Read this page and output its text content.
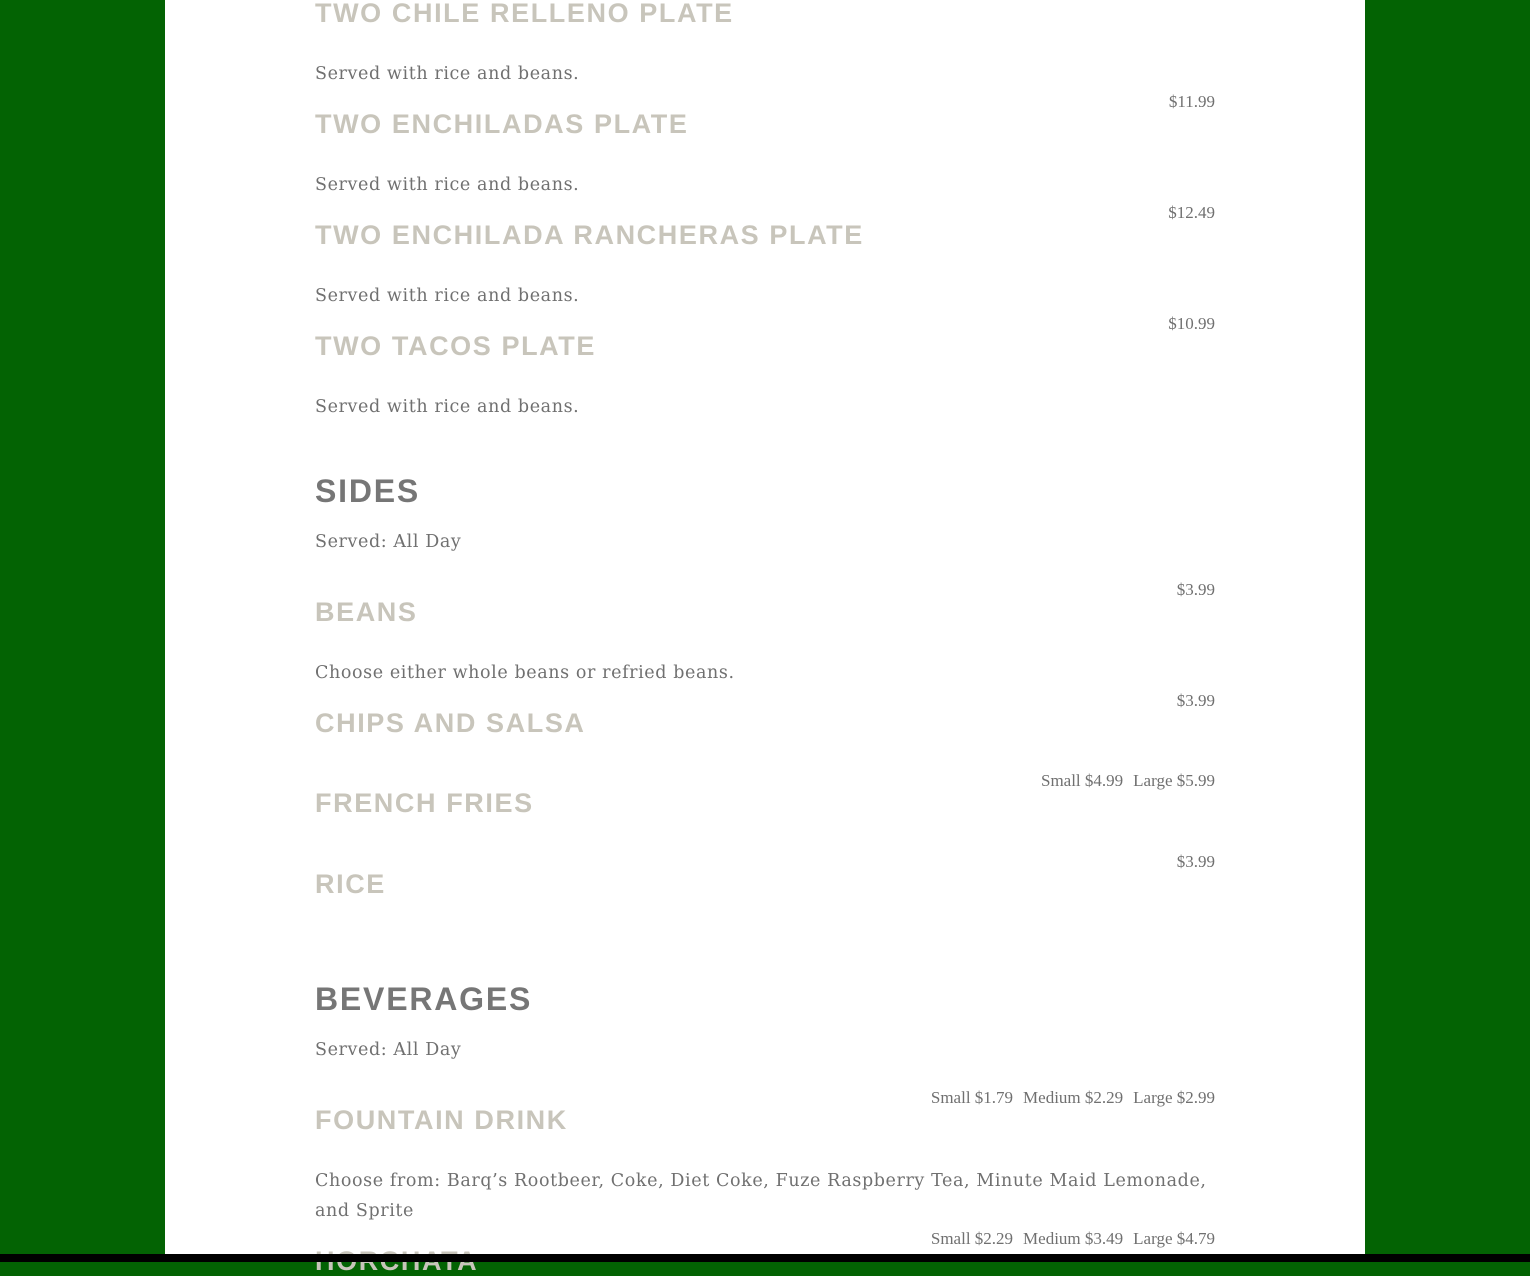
TWO CHILE RELLENO PLATE
Served with rice and beans.
$11.99
TWO ENCHILADAS PLATE
Served with rice and beans.
$12.49
TWO ENCHILADA RANCHERAS PLATE
Served with rice and beans.
$10.99
TWO TACOS PLATE
Served with rice and beans.
SIDES
Served: All Day
$3.99
BEANS
Choose either whole beans or refried beans.
$3.99
CHIPS AND SALSA
Small $4.99 Large $5.99
FRENCH FRIES
$3.99
RICE
BEVERAGES
Served: All Day
Small $1.79 Medium $2.29 Large $2.99
FOUNTAIN DRINK
Choose from: Barq’s Rootbeer, Coke, Diet Coke, Fuze Raspberry Tea, Minute Maid Lemonade, and Sprite
Small $2.29 Medium $3.49 Large $4.79
